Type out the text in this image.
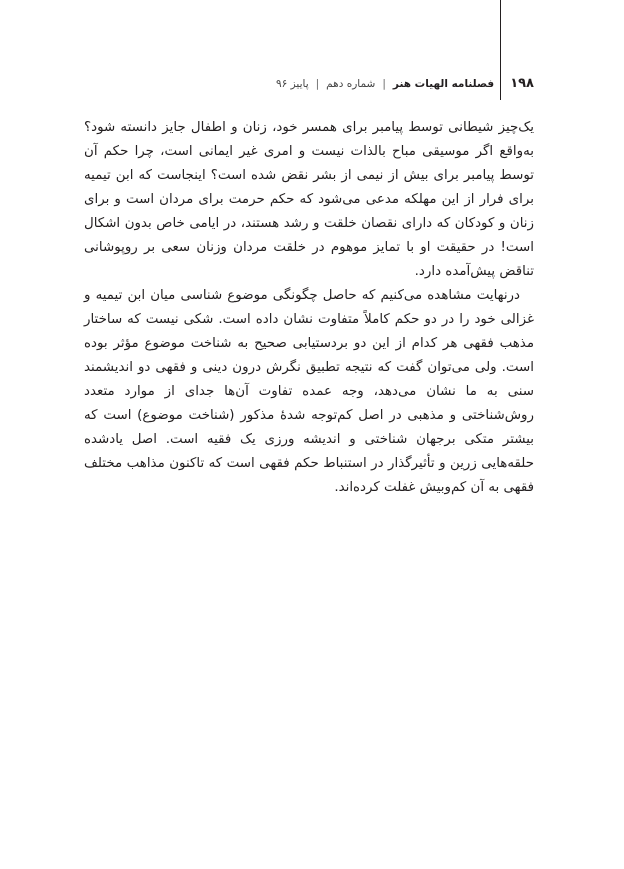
۱۹۸
فصلنامه الهیات هنر
|
شماره دهم
|
پاییز ۹۶

یک‌چیز شیطانی توسط پیامبر برای همسر خود، زنان و اطفال جایز دانسته شود؟ به‌واقع اگر موسیقی مباح بالذات نیست و امری غیر ایمانی است، چرا حکم آن توسط پیامبر برای بیش از نیمی از بشر نقض شده است؟ اینجاست که ابن تیمیه برای فرار از این مهلکه مدعی می‌شود که حکم حرمت برای مردان است و برای زنان و کودکان که دارای نقصان خلقت و رشد هستند، در ایامی خاص بدون اشکال است! در حقیقت او با تمایز موهوم در خلقت مردان وزنان سعی بر روپوشانی تناقض پیش‌آمده دارد.

درنهایت مشاهده می‌کنیم که حاصل چگونگی موضوع شناسی میان ابن تیمیه و غزالی خود را در دو حکم کاملاً متفاوت نشان داده است. شکی نیست که ساختار مذهب فقهی هر کدام از این دو بردستیابی صحیح به شناخت موضوع مؤثر بوده است. ولی می‌توان گفت که نتیجه تطبیق نگرش درون دینی و فقهی دو اندیشمند سنی به ما نشان می‌دهد، وجه عمده تفاوت آن‌ها جدای از موارد متعدد روش‌شناختی و مذهبی در اصل کم‌توجه شدهٔ مذکور (شناخت موضوع) است که بیشتر متکی برجهان شناختی و اندیشه ورزی یک فقیه است. اصل یادشده حلقه‌هایی زرین و تأثیرگذار در استنباط حکم فقهی است که تاکنون مذاهب مختلف فقهی به آن کم‌وبیش غفلت کرده‌اند.
